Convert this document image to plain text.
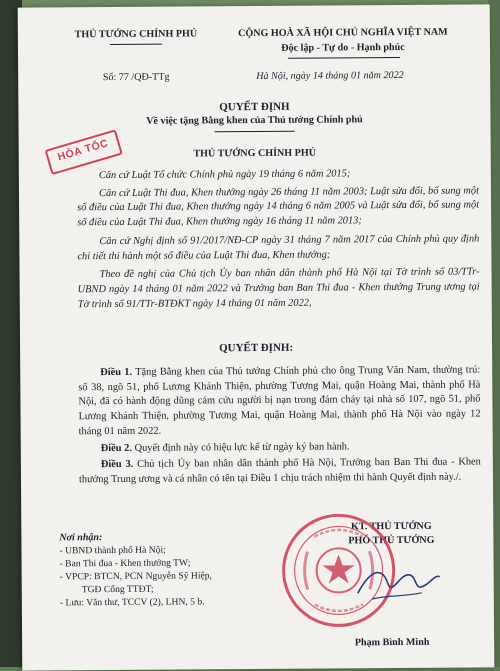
THỦ TƯỚNG CHÍNH PHỦ	CỘNG HOÀ XÃ HỘI CHỦ NGHĨA VIỆT NAM
Độc lập - Tự do - Hạnh phúc
Số: 77 /QĐ-TTg	Hà Nội, ngày 14 tháng 01 năm 2022
HỎA TỐC
QUYẾT ĐỊNH
Về việc tặng Bằng khen của Thủ tướng Chính phủ
THỦ TƯỚNG CHÍNH PHỦ

Căn cứ Luật Tổ chức Chính phủ ngày 19 tháng 6 năm 2015;

Căn cứ Luật Thi đua, Khen thưởng ngày 26 tháng 11 năm 2003; Luật sửa đổi, bổ sung một số điều của Luật Thi đua, Khen thưởng ngày 14 tháng 6 năm 2005 và Luật sửa đổi, bổ sung một số điều của Luật Thi đua, Khen thưởng ngày 16 tháng 11 năm 2013;

Căn cứ Nghị định số 91/2017/NĐ-CP ngày 31 tháng 7 năm 2017 của Chính phủ quy định chi tiết thi hành một số điều của Luật Thi đua, Khen thưởng;

Theo đề nghị của Chủ tịch Ủy ban nhân dân thành phố Hà Nội tại Tờ trình số 03/TTr-UBND ngày 14 tháng 01 năm 2022 và Trưởng ban Ban Thi đua - Khen thưởng Trung ương tại Tờ trình số 91/TTr-BTĐKT ngày 14 tháng 01 năm 2022,

QUYẾT ĐỊNH:

Điều 1. Tặng Bằng khen của Thủ tướng Chính phủ cho ông Trung Văn Nam, thường trú: số 38, ngõ 51, phố Lương Khánh Thiện, phường Tương Mai, quận Hoàng Mai, thành phố Hà Nội, đã có hành động dũng cảm cứu người bị nạn trong đám cháy tại nhà số 107, ngõ 51, phố Lương Khánh Thiện, phường Tương Mai, quận Hoàng Mai, thành phố Hà Nội vào ngày 12 tháng 01 năm 2022.

Điều 2. Quyết định này có hiệu lực kể từ ngày ký ban hành.

Điều 3. Chủ tịch Ủy ban nhân dân thành phố Hà Nội, Trưởng ban Ban Thi đua - Khen thưởng Trung ương và cá nhân có tên tại Điều 1 chịu trách nhiệm thi hành Quyết định này./.

KT. THỦ TƯỚNG
PHÓ THỦ TƯỚNG
Phạm Bình Minh
Nơi nhận:
- UBND thành phố Hà Nội;
- Ban Thi đua - Khen thưởng TW;
- VPCP: BTCN, PCN Nguyễn Sỹ Hiệp,
TGĐ Cổng TTĐT;
- Lưu: Văn thư, TCCV (2), LHN, 5 b.
